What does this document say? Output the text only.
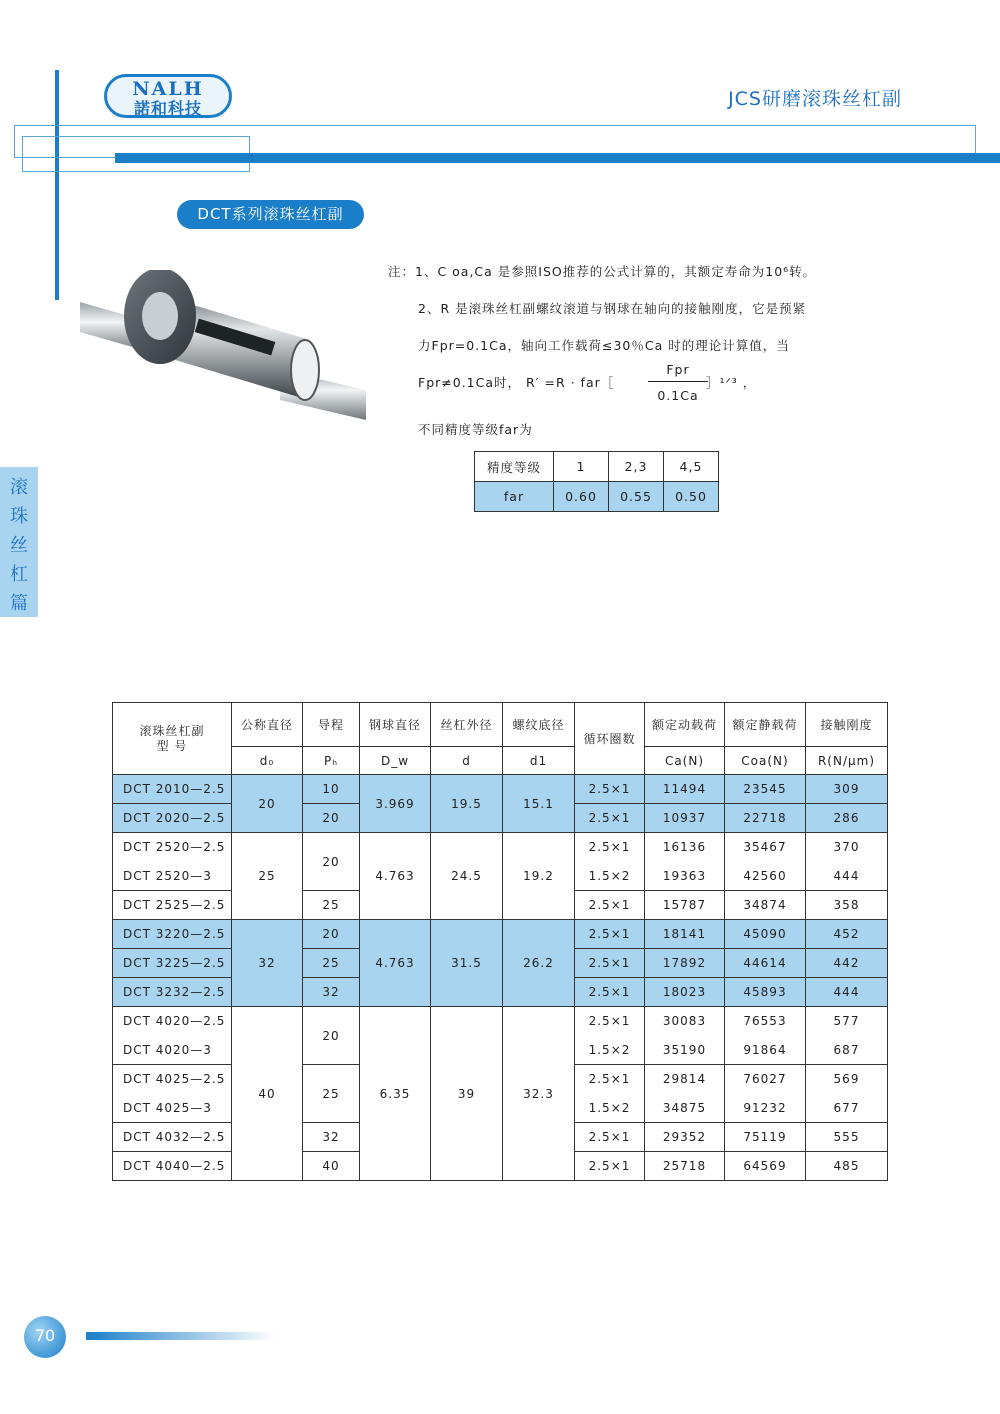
NALH
諾和科技	JCS研磨滚珠丝杠副
DCT系列滚珠丝杠副
注：1、C oa,Ca 是参照ISO推荐的公式计算的，其额定寿命为10⁶转。
2、R 是滚珠丝杠副螺纹滚道与钢球在轴向的接触刚度，它是预紧
力Fpr=0.1Ca，轴向工作载荷≤30％Ca 时的理论计算值，当
Fpr≠0.1Ca时， R′ =R · far［
Fpr
0.1Ca
］¹ᐟ³ ，
不同精度等级far为
精度等级	1	2,3	4,5
far	0.60	0.55	0.50
滚
珠
丝
杠
篇
滚珠丝杠副
型 号	公称直径	导程	钢球直径	丝杠外径	螺纹底径	循环圈数	额定动载荷	额定静载荷	接触刚度
	d₀	Pₕ	D_w	d	d1		Ca(N)	Coa(N)	R(N/μm)
DCT 2010—2.5	20	10	3.969	19.5	15.1	2.5×1	11494	23545	309
DCT 2020—2.5		20				2.5×1	10937	22718	286
DCT 2520—2.5	25	20	4.763	24.5	19.2	2.5×1	16136	35467	370
DCT 2520—3						1.5×2	19363	42560	444
DCT 2525—2.5		25				2.5×1	15787	34874	358
DCT 3220—2.5	32	20	4.763	31.5	26.2	2.5×1	18141	45090	452
DCT 3225—2.5		25				2.5×1	17892	44614	442
DCT 3232—2.5		32				2.5×1	18023	45893	444
DCT 4020—2.5	40	20	6.35	39	32.3	2.5×1	30083	76553	577
DCT 4020—3						1.5×2	35190	91864	687
DCT 4025—2.5		25				2.5×1	29814	76027	569
DCT 4025—3						1.5×2	34875	91232	677
DCT 4032—2.5		32				2.5×1	29352	75119	555
DCT 4040—2.5		40				2.5×1	25718	64569	485
70
